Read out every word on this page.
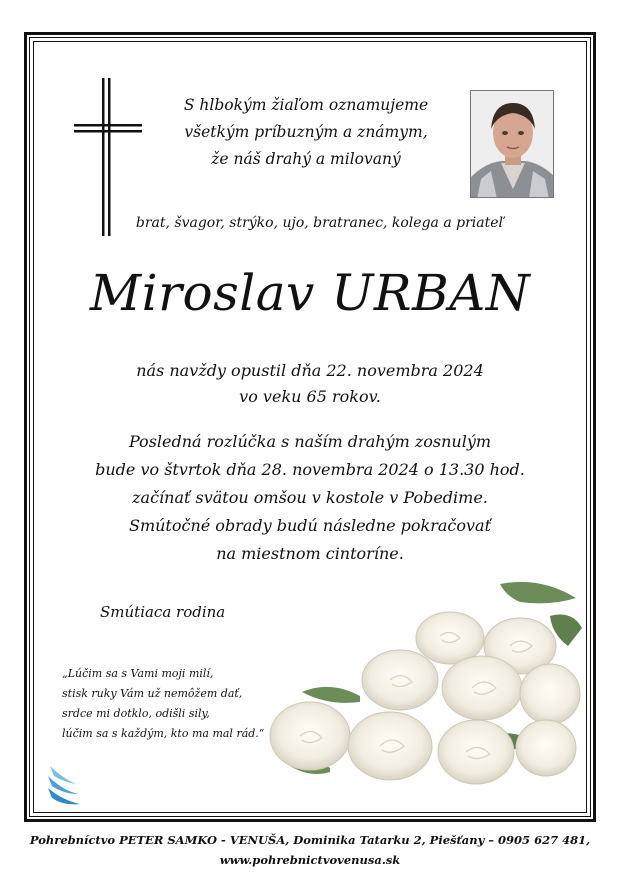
S hlbokým žiaľom oznamujeme
všetkým príbuzným a známym,
že náš drahý a milovaný
brat, švagor, strýko, ujo, bratranec, kolega a priateľ
Miroslav URBAN
nás navždy opustil dňa 22. novembra 2024
vo veku 65 rokov.
Posledná rozlúčka s naším drahým zosnulým
bude vo štvrtok dňa 28. novembra 2024 o 13.30 hod.
začínať svätou omšou v kostole v Pobedime.
Smútočné obrady budú následne pokračovať
na miestnom cintoríne.
Smútiaca rodina
„Lúčim sa s Vami moji milí,
stisk ruky Vám už nemôžem dať,
srdce mi dotklo, odišli sily,
lúčim sa s každým, kto ma mal rád.“
Pohrebníctvo PETER SAMKO - VENUŠA, Dominika Tatarku 2, Piešťany – 0905 627 481,
www.pohrebnictvovenusa.sk
